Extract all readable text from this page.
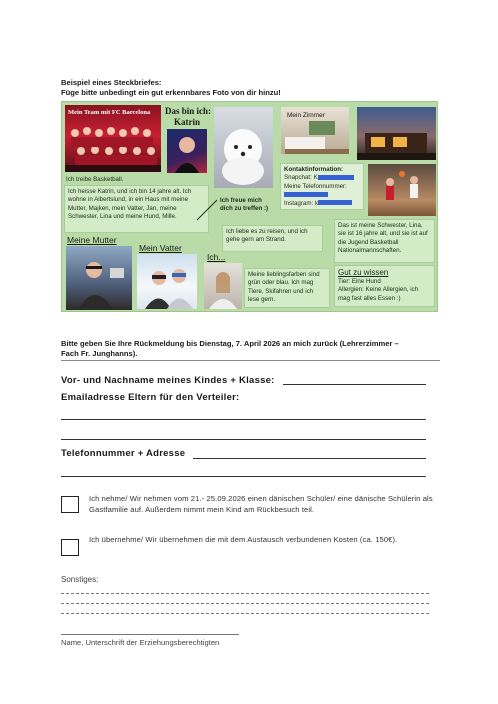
Beispiel eines Steckbriefes:
Füge bitte unbedingt ein gut erkennbares Foto von dir hinzu!
Mein Team mit FC Barcelona Das bin ich:
Katrin
Mein Zimmer
Ich treibe Basketball.
Ich heisse Katrin, und ich bin 14 jahre alt. Ich wohne in Albertslund, in ein Haus mit meine Mutter, Majken, mein Vatter, Jan, meine Schwester, Lina und meine Hund, Mille.
Ich freue mich dich zu treffen :)
Kontaktinformation:
Snapchat: K
Meine Telefonnummer:
Instagram: k
Ich liebe es zu reisen, und ich gehe gern am Strand.
Das ist meine Schwester, Lina, sie ist 16 jahre alt, und sie ist auf die Jugend Basketball Nationalmannschaften.
Meine Mutter
Mein Vatter
Ich...
Meine lieblingsfarben sind grün oder blau. Ich mag Tiere, Skifahren und ich lese gern.
Gut zu wissen
Tier: Eine Hund
Allergien: Keine Allergien, ich mag fast alles Essen :)
Bitte geben Sie Ihre Rückmeldung bis Dienstag, 7. April 2026 an mich zurück (Lehrerzimmer –
Fach Fr. Junghanns).
Vor- und Nachname meines Kindes + Klasse:
Emailadresse Eltern für den Verteiler:
Telefonnummer + Adresse
Ich nehme/ Wir nehmen vom 21.- 25.09.2026 einen dänischen Schüler/ eine dänische Schülerin als Gastfamilie auf. Außerdem nimmt mein Kind am Rückbesuch teil.
Ich übernehme/ Wir übernehmen die mit dem Austausch verbundenen Kosten (ca. 150€).
Sonstiges:
Name, Unterschrift der Erziehungsberechtigten
